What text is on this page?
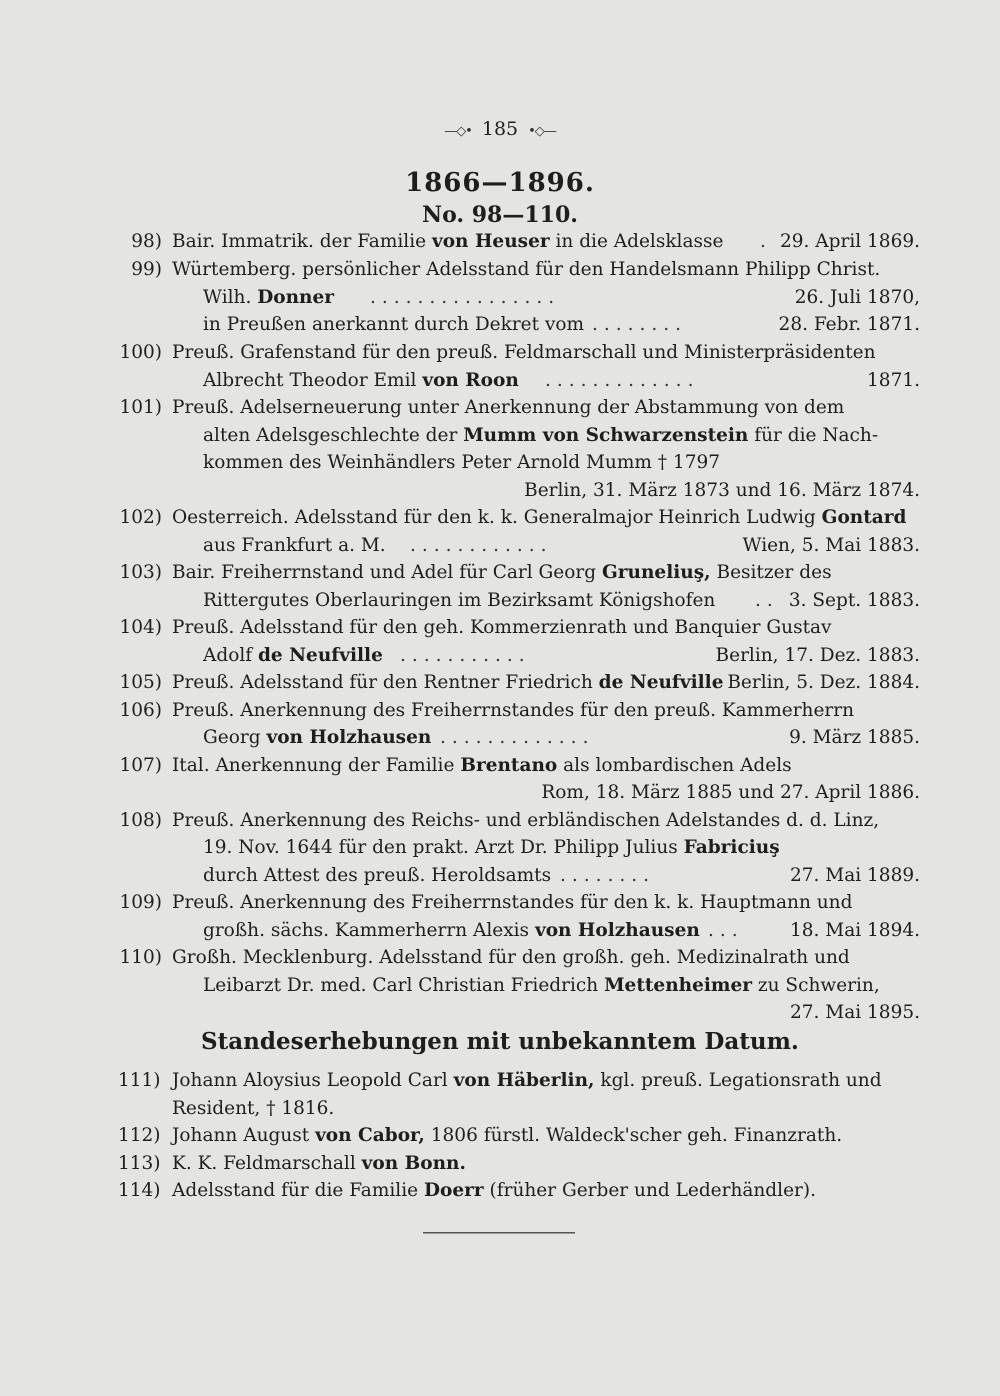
—◇• 185 •◇—
1866—1896.
No. 98—110.
98) Bair. Immatrik. der Familie von Heuser in die Adelsklasse . 29. April 1869.
99) Würtemberg. persönlicher Adelsstand für den Handelsmann Philipp Christ.
Wilh. Donner ................	26. Juli 1870,
in Preußen anerkannt durch Dekret vom ........	28. Febr. 1871.
100) Preuß. Grafenstand für den preuß. Feldmarschall und Ministerpräsidenten
Albrecht Theodor Emil von Roon .............	1871.
101) Preuß. Adelserneuerung unter Anerkennung der Abstammung von dem
alten Adelsgeschlechte der Mumm von Schwarzenstein für die Nach-
kommen des Weinhändlers Peter Arnold Mumm † 1797
Berlin, 31. März 1873 und 16. März 1874.
102) Oesterreich. Adelsstand für den k. k. Generalmajor Heinrich Ludwig Gontard
aus Frankfurt a. M. ............	Wien, 5. Mai 1883.
103) Bair. Freiherrnstand und Adel für Carl Georg Gruneliuş, Besitzer des
Rittergutes Oberlauringen im Bezirksamt Königshofen .. 3. Sept. 1883.
104) Preuß. Adelsstand für den geh. Kommerzienrath und Banquier Gustav
Adolf de Neufville ...........	Berlin, 17. Dez. 1883.
105) Preuß. Adelsstand für den Rentner Friedrich de Neufville Berlin, 5. Dez. 1884.
106) Preuß. Anerkennung des Freiherrnstandes für den preuß. Kammerherrn
Georg von Holzhausen .............	9. März 1885.
107) Ital. Anerkennung der Familie Brentano als lombardischen Adels
Rom, 18. März 1885 und 27. April 1886.
108) Preuß. Anerkennung des Reichs- und erbländischen Adelstandes d. d. Linz,
19. Nov. 1644 für den prakt. Arzt Dr. Philipp Julius Fabriciuş
durch Attest des preuß. Heroldsamts ........	27. Mai 1889.
109) Preuß. Anerkennung des Freiherrnstandes für den k. k. Hauptmann und
großh. sächs. Kammerherrn Alexis von Holzhausen ...	18. Mai 1894.
110) Großh. Mecklenburg. Adelsstand für den großh. geh. Medizinalrath und
Leibarzt Dr. med. Carl Christian Friedrich Mettenheimer zu Schwerin,
27. Mai 1895.
Standeserhebungen mit unbekanntem Datum.
111) Johann Aloysius Leopold Carl von Häberlin, kgl. preuß. Legationsrath und
Resident, † 1816.
112) Johann August von Cabor, 1806 fürstl. Waldeck'scher geh. Finanzrath.
113) K. K. Feldmarschall von Bonn.
114) Adelsstand für die Familie Doerr (früher Gerber und Lederhändler).
